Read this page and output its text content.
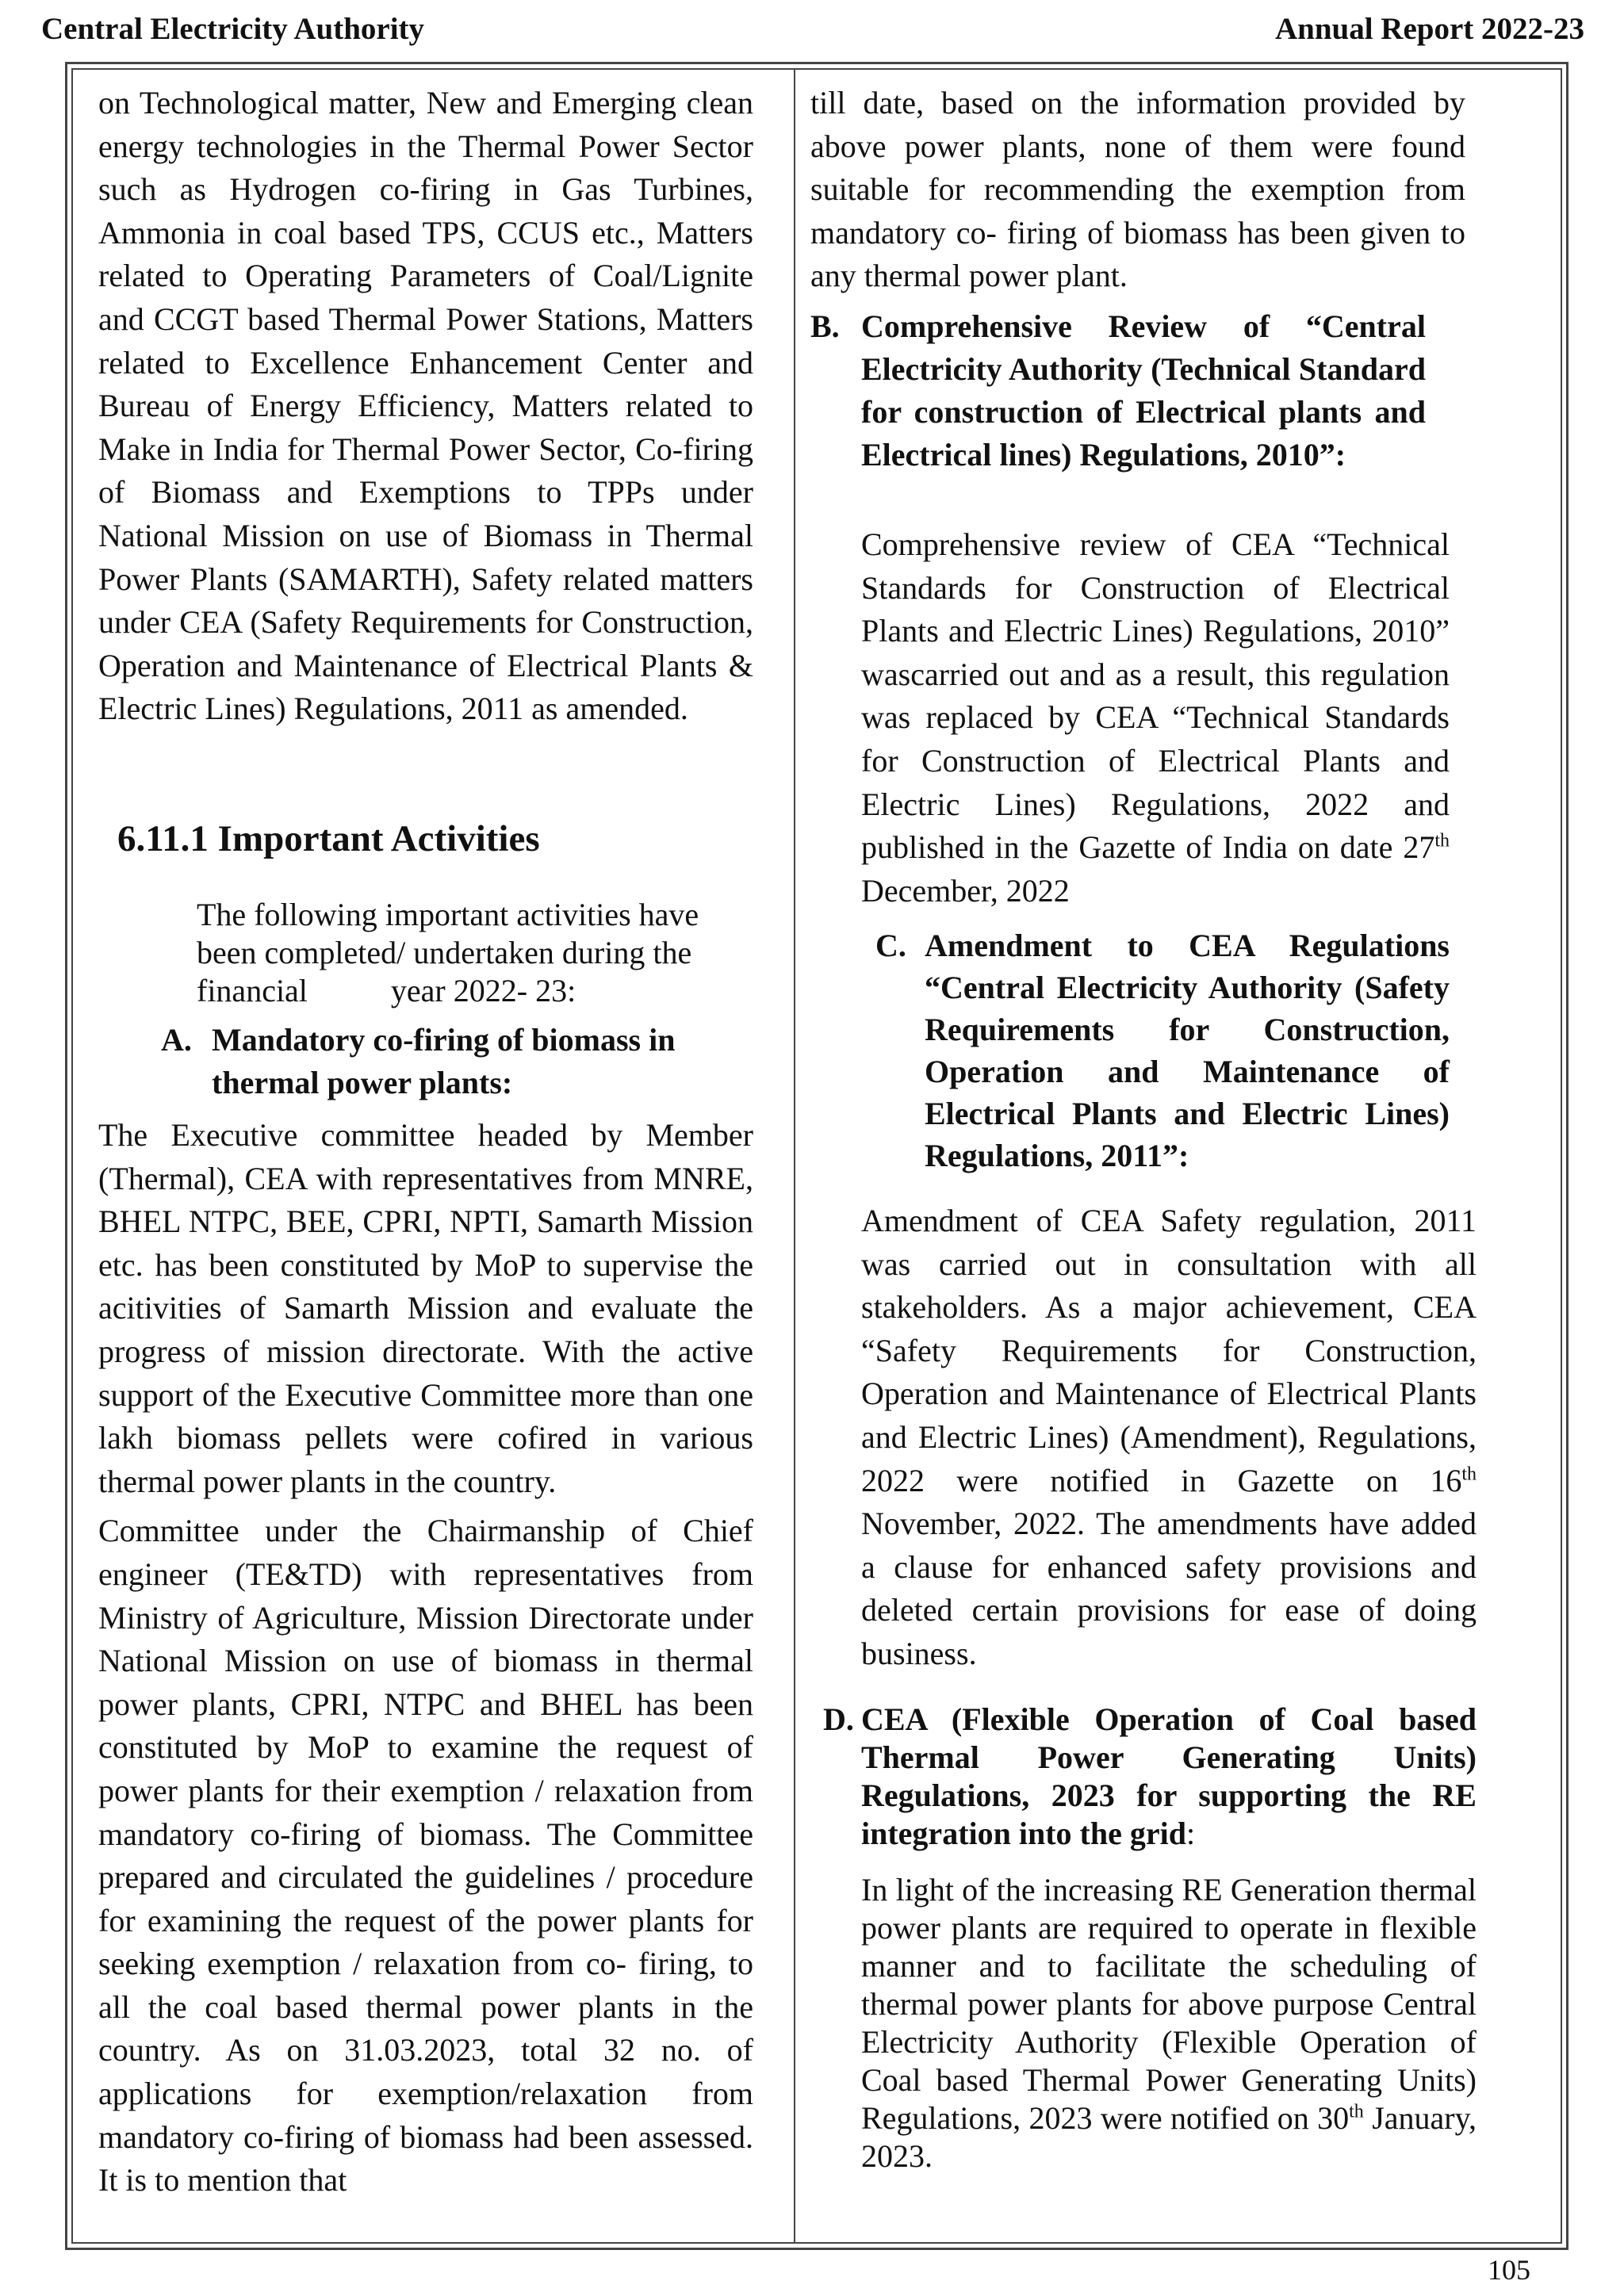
Central Electricity Authority	Annual Report 2022-23

on Technological matter, New and Emerging clean energy technologies in the Thermal Power Sector such as Hydrogen co-firing in Gas Turbines, Ammonia in coal based TPS, CCUS etc., Matters related to Operating Parameters of Coal/Lignite and CCGT based Thermal Power Stations, Matters related to Excellence Enhancement Center and Bureau of Energy Efficiency, Matters related to Make in India for Thermal Power Sector, Co-firing of Biomass and Exemptions to TPPs under National Mission on use of Biomass in Thermal Power Plants (SAMARTH), Safety related matters under CEA (Safety Requirements for Construction, Operation and Maintenance of Electrical Plants & Electric Lines) Regulations, 2011 as amended.

6.11.1 Important Activities

The following important activities have

been completed/ undertaken during the

financial	year 2022- 23:

A. Mandatory co-firing of biomass in
thermal power plants:

The Executive committee headed by Member (Thermal), CEA with representatives from MNRE, BHEL NTPC, BEE, CPRI, NPTI, Samarth Mission etc. has been constituted by MoP to supervise the acitivities of Samarth Mission and evaluate the progress of mission directorate. With the active support of the Executive Committee more than one lakh biomass pellets were cofired in various thermal power plants in the country.

Committee under the Chairmanship of Chief engineer (TE&TD) with representatives from Ministry of Agriculture, Mission Directorate under National Mission on use of biomass in thermal power plants, CPRI, NTPC and BHEL has been constituted by MoP to examine the request of power plants for their exemption / relaxation from mandatory co-firing of biomass. The Committee prepared and circulated the guidelines / procedure for examining the request of the power plants for seeking exemption / relaxation from co- firing, to all the coal based thermal power plants in the country. As on 31.03.2023, total 32 no. of applications for exemption/relaxation from mandatory co-firing of biomass had been assessed. It is to mention that

till date, based on the information provided by above power plants, none of them were found suitable for recommending the exemption from mandatory co- firing of biomass has been given to any thermal power plant.

B. Comprehensive Review of “Central Electricity Authority (Technical Standard for construction of Electrical plants and Electrical lines) Regulations, 2010”:

Comprehensive review of CEA “Technical Standards for Construction of Electrical Plants and Electric Lines) Regulations, 2010” wascarried out and as a result, this regulation was replaced by CEA “Technical Standards for Construction of Electrical Plants and Electric Lines) Regulations, 2022 and published in the Gazette of India on date 27th December, 2022

C. Amendment to CEA Regulations “Central Electricity Authority (Safety Requirements for Construction, Operation and Maintenance of Electrical Plants and Electric Lines) Regulations, 2011”:

Amendment of CEA Safety regulation, 2011 was carried out in consultation with all stakeholders. As a major achievement, CEA “Safety Requirements for Construction, Operation and Maintenance of Electrical Plants and Electric Lines) (Amendment), Regulations, 2022 were notified in Gazette on 16th November, 2022. The amendments have added a clause for enhanced safety provisions and deleted certain provisions for ease of doing business.

D. CEA (Flexible Operation of Coal based Thermal Power Generating Units) Regulations, 2023 for supporting the RE integration into the grid:

In light of the increasing RE Generation thermal power plants are required to operate in flexible manner and to facilitate the scheduling of thermal power plants for above purpose Central Electricity Authority (Flexible Operation of Coal based Thermal Power Generating Units) Regulations, 2023 were notified on 30th January, 2023.

105
